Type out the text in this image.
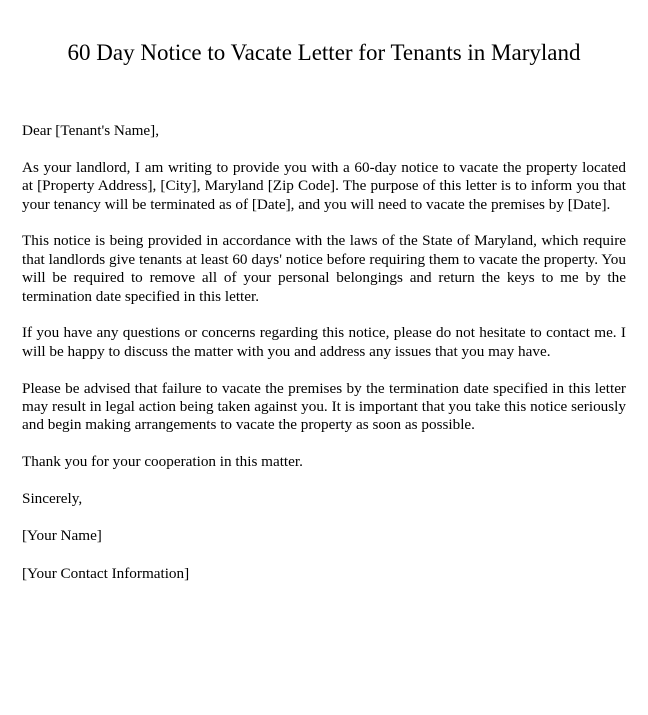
60 Day Notice to Vacate Letter for Tenants in Maryland

Dear [Tenant's Name],

As your landlord, I am writing to provide you with a 60-day notice to vacate the property located at [Property Address], [City], Maryland [Zip Code]. The purpose of this letter is to inform you that your tenancy will be terminated as of [Date], and you will need to vacate the premises by [Date].

This notice is being provided in accordance with the laws of the State of Maryland, which require that landlords give tenants at least 60 days' notice before requiring them to vacate the property. You will be required to remove all of your personal belongings and return the keys to me by the termination date specified in this letter.

If you have any questions or concerns regarding this notice, please do not hesitate to contact me. I will be happy to discuss the matter with you and address any issues that you may have.

Please be advised that failure to vacate the premises by the termination date specified in this letter may result in legal action being taken against you. It is important that you take this notice seriously and begin making arrangements to vacate the property as soon as possible.

Thank you for your cooperation in this matter.

Sincerely,

[Your Name]

[Your Contact Information]
